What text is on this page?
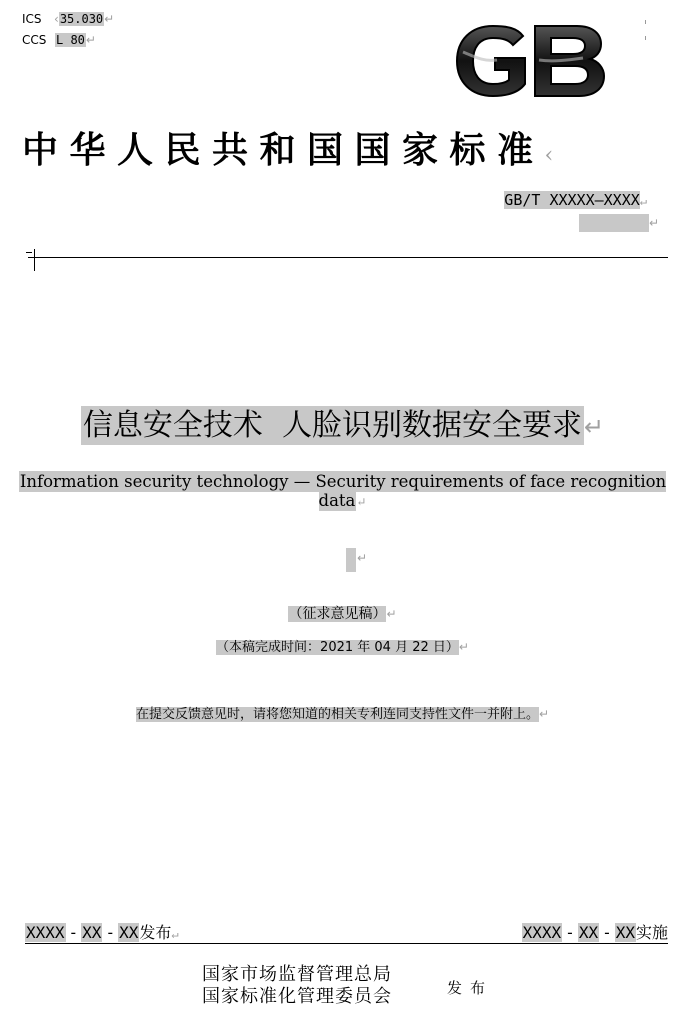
ICS ‹35.030↵
CCS L 80↵
中华人民共和国国家标准‹
GB/T XXXXX—XXXX↵
↵
信息安全技术  人脸识别数据安全要求↵
Information security technology — Security requirements of face recognition data↵
↵
（征求意见稿）↵
（本稿完成时间：2021 年 04 月 22 日）↵
在提交反馈意见时，请将您知道的相关专利连同支持性文件一并附上。↵
XXXX - XX - XX发布↵	XXXX - XX - XX实施
国家市场监督管理总局
国家标准化管理委员会	发布
